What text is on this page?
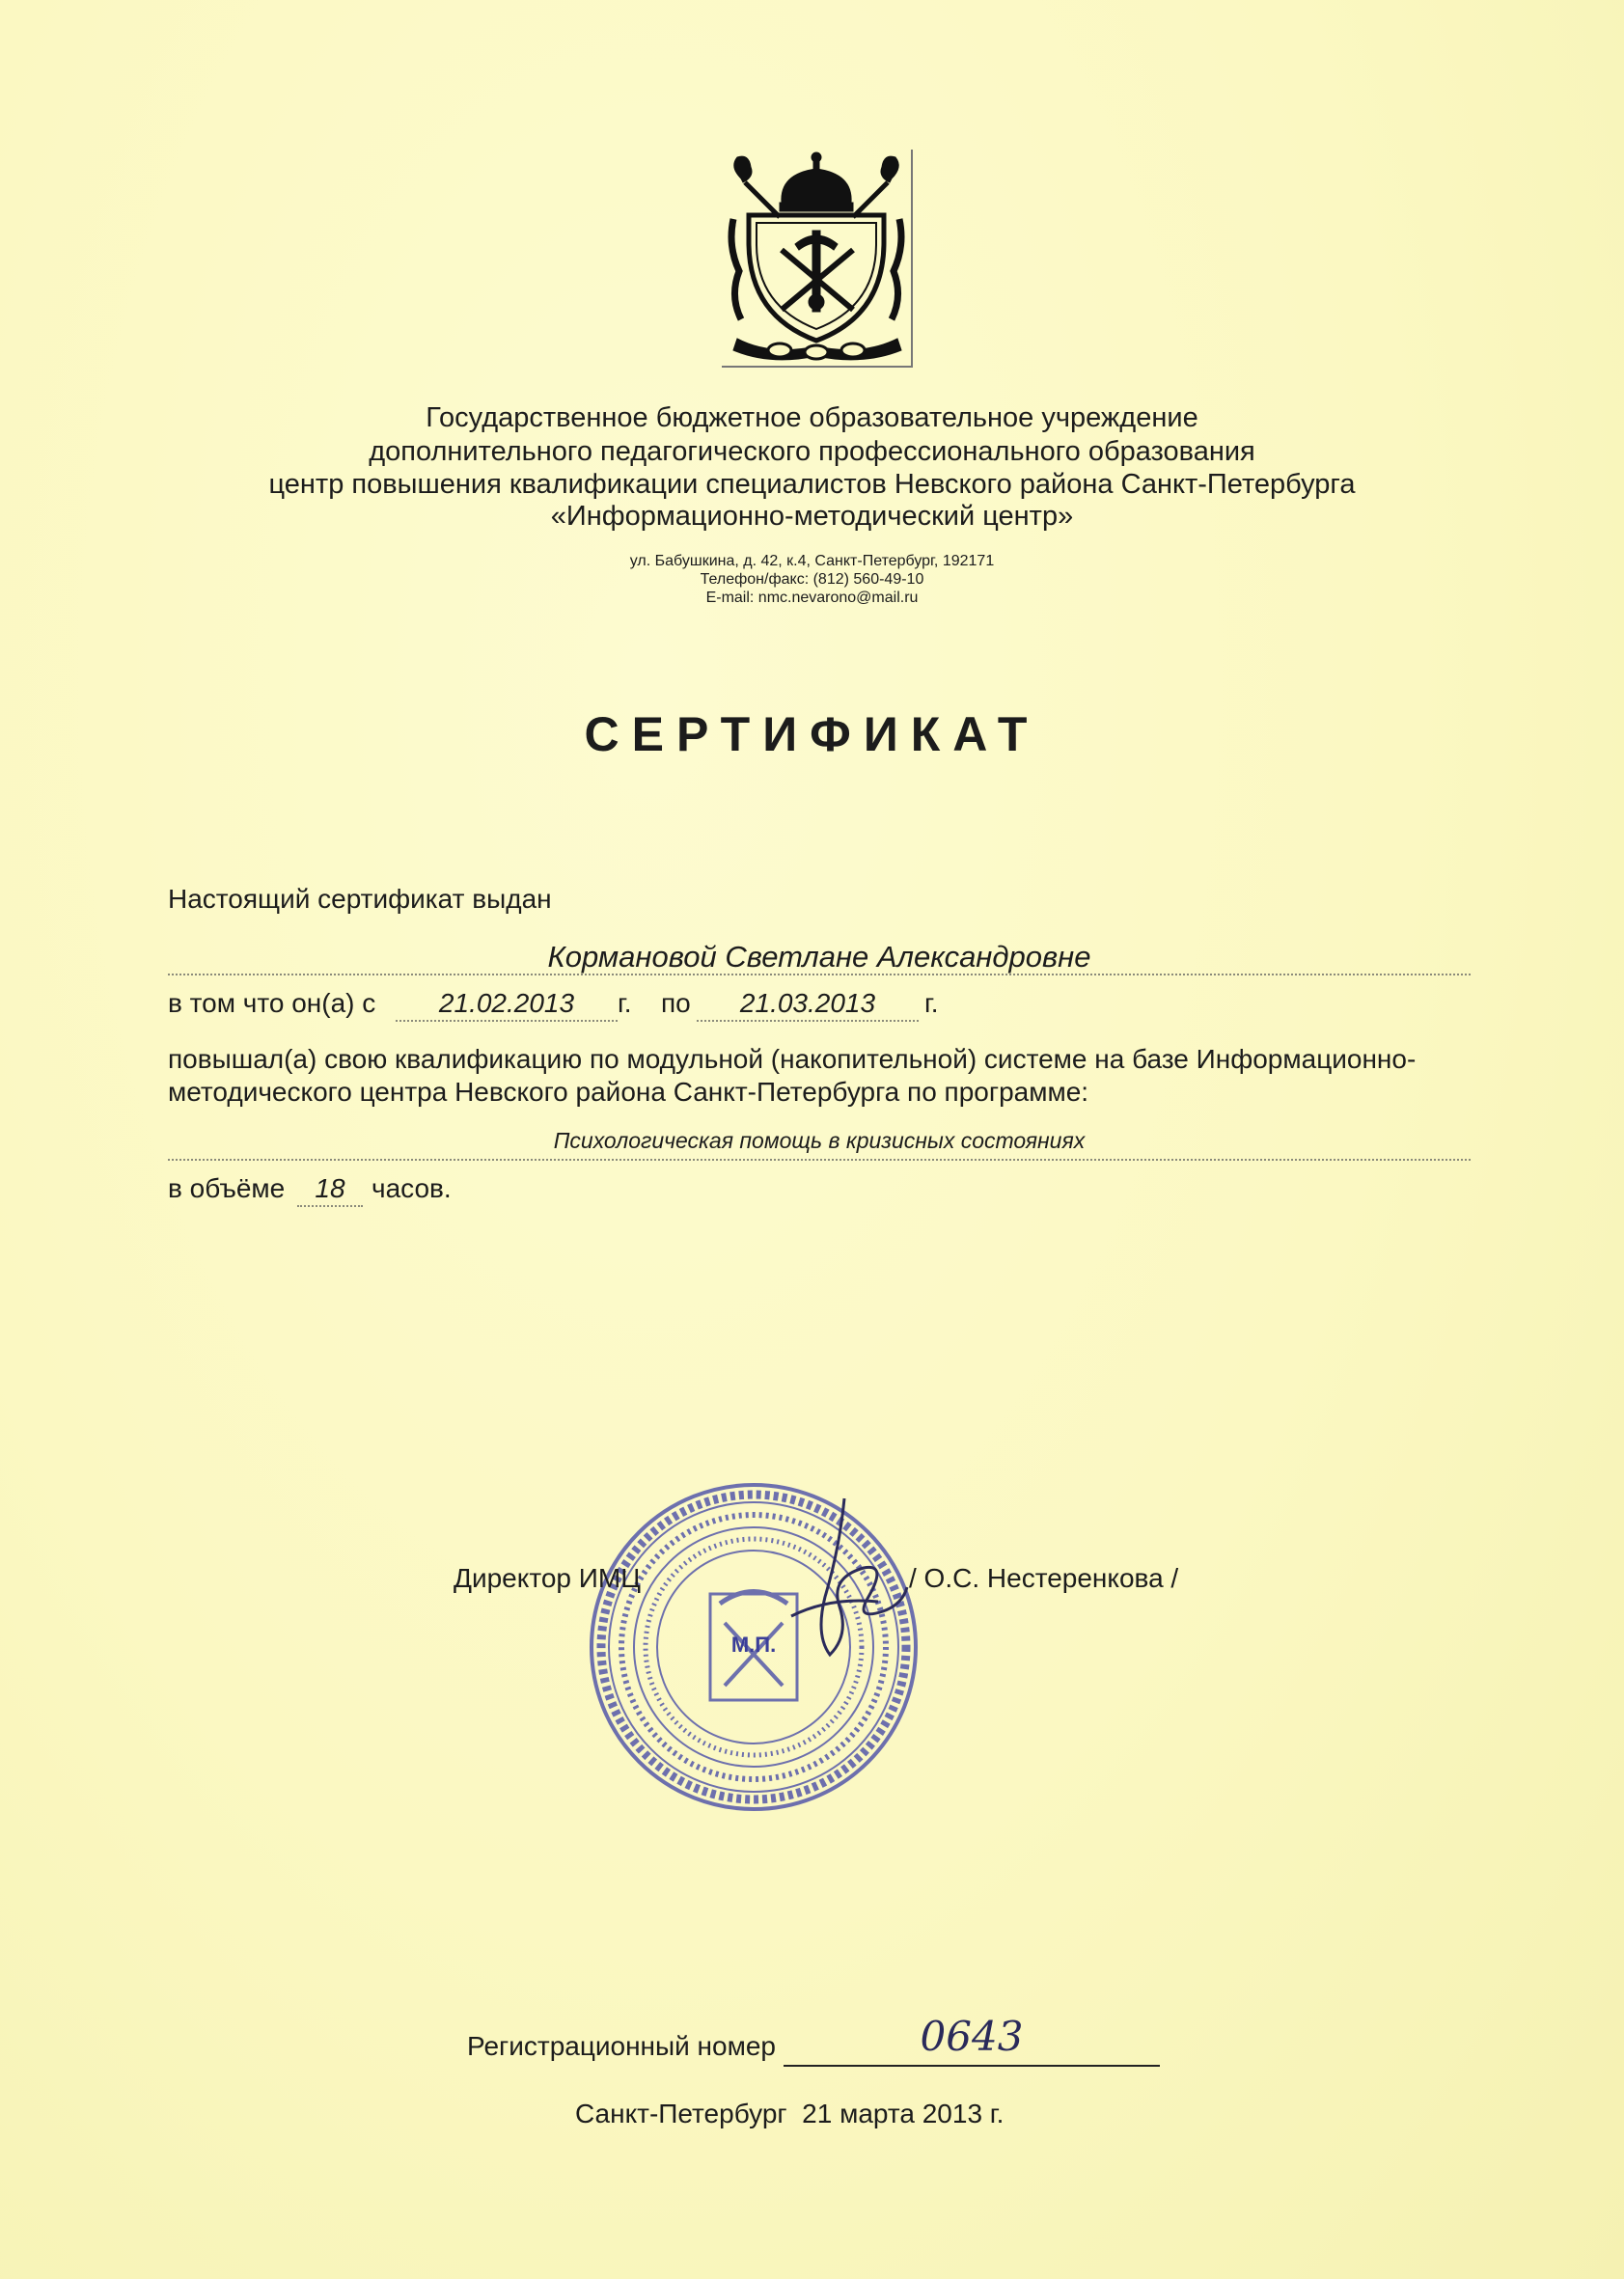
Государственное бюджетное образовательное учреждение
дополнительного педагогического профессионального образования
центр повышения квалификации специалистов Невского района Санкт-Петербурга
«Информационно-методический центр»
ул. Бабушкина, д. 42, к.4, Санкт-Петербург, 192171
Телефон/факс: (812) 560-49-10
E-mail: nmc.nevarono@mail.ru
СЕРТИФИКАТ
Настоящий сертификат выдан
Кормановой Светлане Александровне
в том что он(а) с	21.02.2013	г. по	21.03.2013	г.
повышал(а) свою квалификацию по модульной (накопительной) системе на базе Информационно-
методического центра Невского района Санкт-Петербурга по программе:
Психологическая помощь в кризисных состояниях
в объёме	18 часов.
М.П.
Директор ИМЦ	/ О.С. Нестеренкова /
Регистрационный номер	0643
Санкт-Петербург  21 марта 2013 г.
